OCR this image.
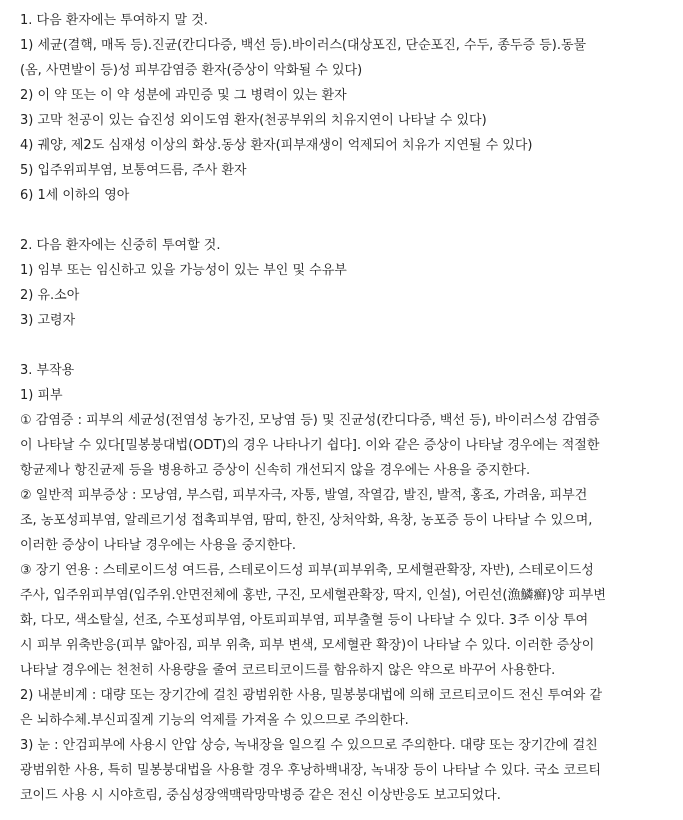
1. 다음 환자에는 투여하지 말 것.
1) 세균(결핵, 매독 등).진균(칸디다증, 백선 등).바이러스(대상포진, 단순포진, 수두, 종두증 등).동물
(옴, 사면발이 등)성 피부감염증 환자(증상이 악화될 수 있다)
2) 이 약 또는 이 약 성분에 과민증 및 그 병력이 있는 환자
3) 고막 천공이 있는 습진성 외이도염 환자(천공부위의 치유지연이 나타날 수 있다)
4) 궤양, 제2도 심재성 이상의 화상.동상 환자(피부재생이 억제되어 치유가 지연될 수 있다)
5) 입주위피부염, 보통여드름, 주사 환자
6) 1세 이하의 영아
2. 다음 환자에는 신중히 투여할 것.
1) 임부 또는 임신하고 있을 가능성이 있는 부인 및 수유부
2) 유.소아
3) 고령자
3. 부작용
1) 피부
① 감염증 : 피부의 세균성(전염성 농가진, 모낭염 등) 및 진균성(칸디다증, 백선 등), 바이러스성 감염증
이 나타날 수 있다[밀봉붕대법(ODT)의 경우 나타나기 쉽다]. 이와 같은 증상이 나타날 경우에는 적절한
항균제나 항진균제 등을 병용하고 증상이 신속히 개선되지 않을 경우에는 사용을 중지한다.
② 일반적 피부증상 : 모낭염, 부스럼, 피부자극, 자통, 발열, 작열감, 발진, 발적, 홍조, 가려움, 피부건
조, 농포성피부염, 알레르기성 접촉피부염, 땀띠, 한진, 상처악화, 욕창, 농포증 등이 나타날 수 있으며,
이러한 증상이 나타날 경우에는 사용을 중지한다.
③ 장기 연용 : 스테로이드성 여드름, 스테로이드성 피부(피부위축, 모세혈관확장, 자반), 스테로이드성
주사, 입주위피부염(입주위.안면전체에 홍반, 구진, 모세혈관확장, 딱지, 인설), 어린선(漁鱗癬)양 피부변
화, 다모, 색소탈실, 선조, 수포성피부염, 아토피피부염, 피부출혈 등이 나타날 수 있다. 3주 이상 투여
시 피부 위축반응(피부 얇아짐, 피부 위축, 피부 변색, 모세혈관 확장)이 나타날 수 있다. 이러한 증상이
나타날 경우에는 천천히 사용량을 줄여 코르티코이드를 함유하지 않은 약으로 바꾸어 사용한다.
2) 내분비계 : 대량 또는 장기간에 걸친 광범위한 사용, 밀봉붕대법에 의해 코르티코이드 전신 투여와 같
은 뇌하수체.부신피질계 기능의 억제를 가져올 수 있으므로 주의한다.
3) 눈 : 안검피부에 사용시 안압 상승, 녹내장을 일으킬 수 있으므로 주의한다. 대량 또는 장기간에 걸친
광범위한 사용, 특히 밀봉붕대법을 사용할 경우 후낭하백내장, 녹내장 등이 나타날 수 있다. 국소 코르티
코이드 사용 시 시야흐림, 중심성장액맥락망막병증 같은 전신 이상반응도 보고되었다.
